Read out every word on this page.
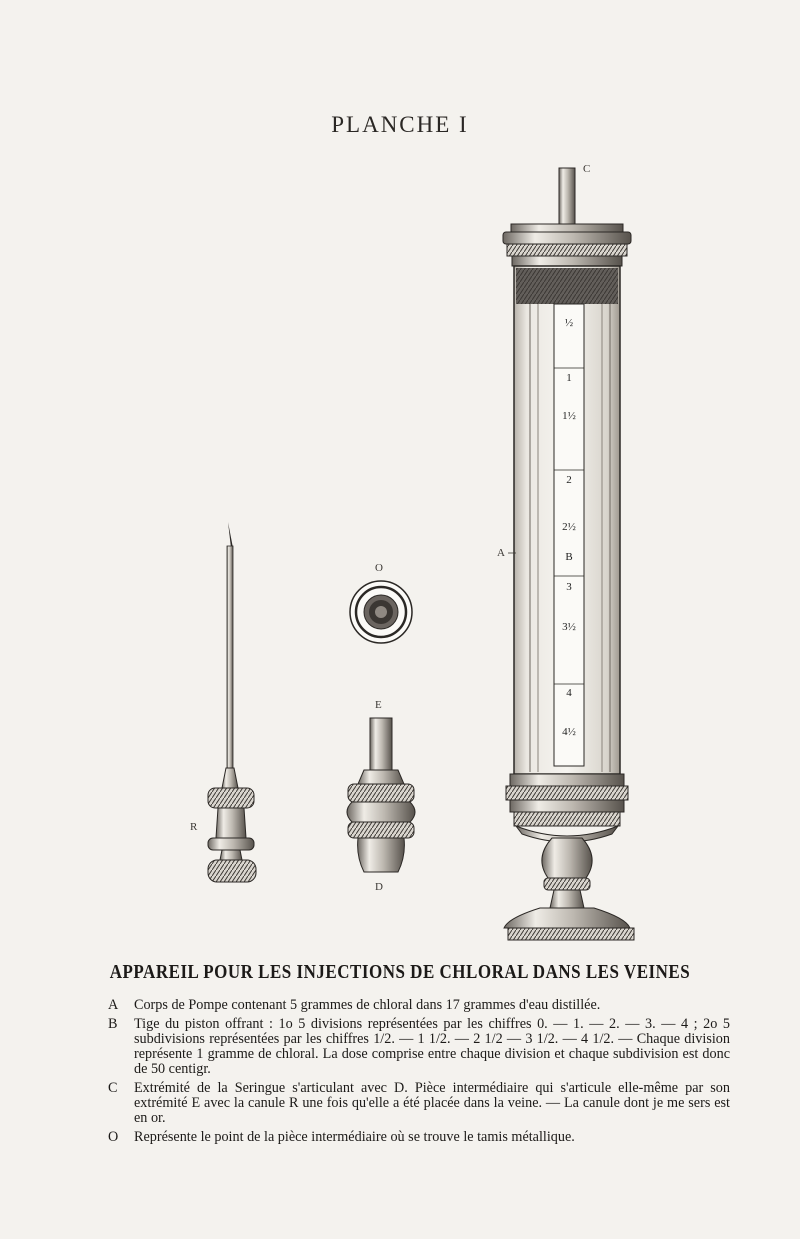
PLANCHE I
½
1
1½
2
2½
B
3
3½
4
4½
C
A
R
O
E
D
APPAREIL POUR LES INJECTIONS DE CHLORAL DANS LES VEINES
A Corps de Pompe contenant 5 grammes de chloral dans 17 grammes d'eau distillée.
B Tige du piston offrant : 1o 5 divisions représentées par les chiffres 0. — 1. — 2. — 3. — 4 ; 2o 5 subdivisions représentées par les chiffres 1/2. — 1 1/2. — 2 1/2 — 3 1/2. — 4 1/2. — Chaque division représente 1 gramme de chloral. La dose comprise entre chaque division et chaque subdivision est donc de 50 centigr.
C Extrémité de la Seringue s'articulant avec D. Pièce intermédiaire qui s'articule elle-même par son extrémité E avec la canule R une fois qu'elle a été placée dans la veine. — La canule dont je me sers est en or.
O Représente le point de la pièce intermédiaire où se trouve le tamis métallique.
